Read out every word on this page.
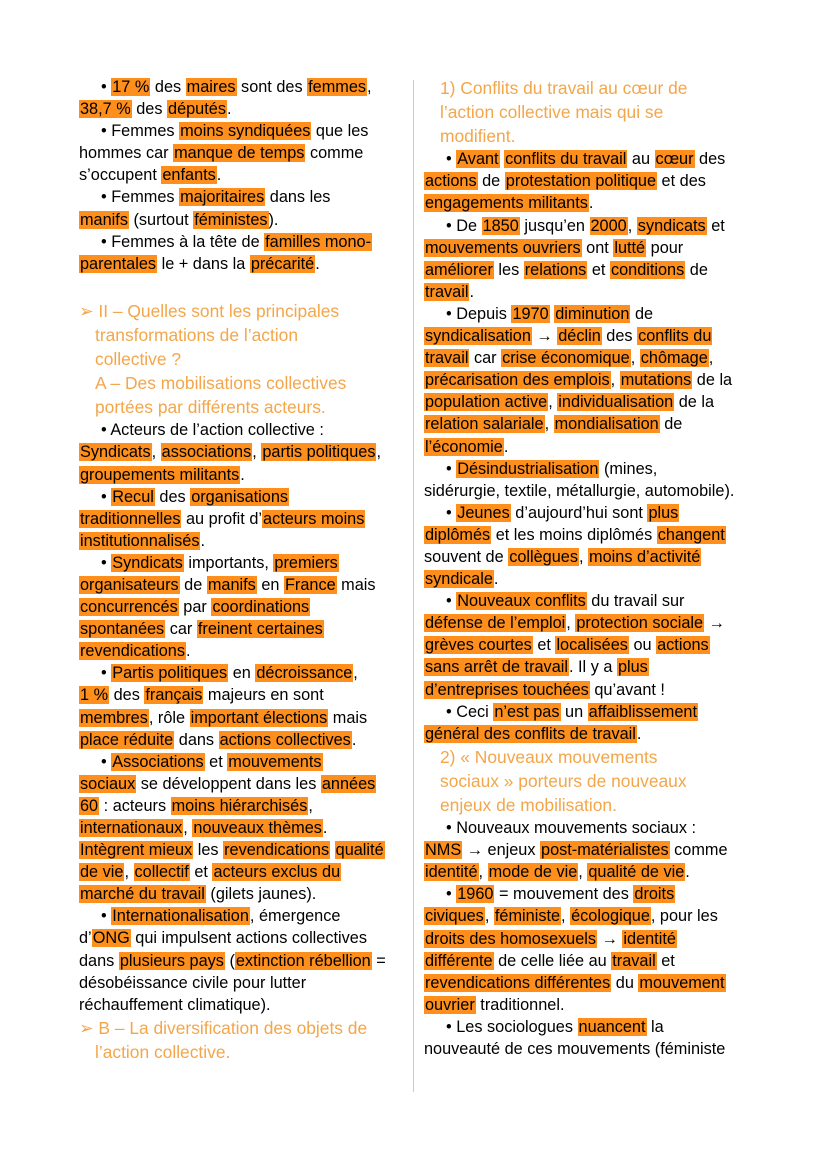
• 17 % des maires sont des femmes,
38,7 % des députés.
• Femmes moins syndiquées que les
hommes car manque de temps comme
s’occupent enfants.
• Femmes majoritaires dans les
manifs (surtout féministes).
• Femmes à la tête de familles mono-
parentales le + dans la précarité.
➢ II – Quelles sont les principales
transformations de l’action
collective ?
A – Des mobilisations collectives
portées par différents acteurs.
• Acteurs de l’action collective :
Syndicats, associations, partis politiques,
groupements militants.
• Recul des organisations
traditionnelles au profit d’acteurs moins
institutionnalisés.
• Syndicats importants, premiers
organisateurs de manifs en France mais
concurrencés par coordinations
spontanées car freinent certaines
revendications.
• Partis politiques en décroissance,
1 % des français majeurs en sont
membres, rôle important élections mais
place réduite dans actions collectives.
• Associations et mouvements
sociaux se développent dans les années
60 : acteurs moins hiérarchisés,
internationaux, nouveaux thèmes.
Intègrent mieux les revendications qualité
de vie, collectif et acteurs exclus du
marché du travail (gilets jaunes).
• Internationalisation, émergence
d’ONG qui impulsent actions collectives
dans plusieurs pays (extinction rébellion =
désobéissance civile pour lutter
réchauffement climatique).
➢ B – La diversification des objets de
l’action collective.
1) Conflits du travail au cœur de
l’action collective mais qui se
modifient.
• Avant conflits du travail au cœur des
actions de protestation politique et des
engagements militants.
• De 1850 jusqu’en 2000, syndicats et
mouvements ouvriers ont lutté pour
améliorer les relations et conditions de
travail.
• Depuis 1970 diminution de
syndicalisation → déclin des conflits du
travail car crise économique, chômage,
précarisation des emplois, mutations de la
population active, individualisation de la
relation salariale, mondialisation de
l’économie.
• Désindustrialisation (mines,
sidérurgie, textile, métallurgie, automobile).
• Jeunes d’aujourd’hui sont plus
diplômés et les moins diplômés changent
souvent de collègues, moins d’activité
syndicale.
• Nouveaux conflits du travail sur
défense de l’emploi, protection sociale →
grèves courtes et localisées ou actions
sans arrêt de travail. Il y a plus
d’entreprises touchées qu’avant !
• Ceci n’est pas un affaiblissement
général des conflits de travail.
2) « Nouveaux mouvements
sociaux » porteurs de nouveaux
enjeux de mobilisation.
• Nouveaux mouvements sociaux :
NMS → enjeux post-matérialistes comme
identité, mode de vie, qualité de vie.
• 1960 = mouvement des droits
civiques, féministe, écologique, pour les
droits des homosexuels → identité
différente de celle liée au travail et
revendications différentes du mouvement
ouvrier traditionnel.
• Les sociologues nuancent la
nouveauté de ces mouvements (féministe
